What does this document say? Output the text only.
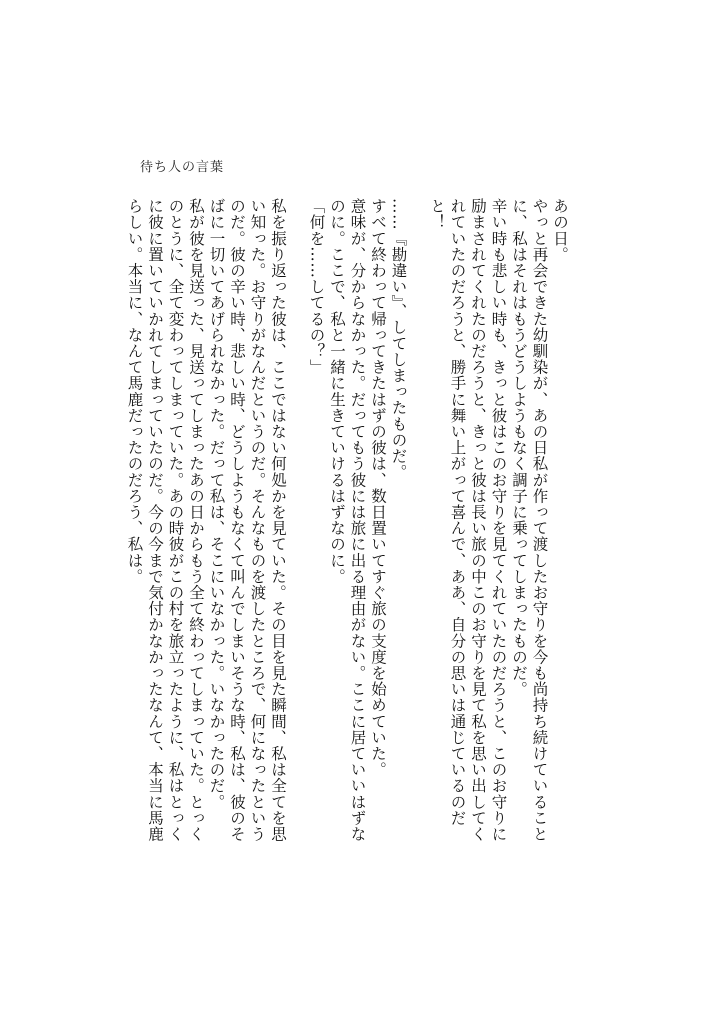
待ち人の言葉

あの日。

やっと再会できた幼馴染が、あの日私が作って渡したお守りを今も尚持ち続けていることに、私はそれはもうどうしようもなく調子に乗ってしまったものだ。

辛い時も悲しい時も、きっと彼はこのお守りを見てくれていたのだろうと、このお守りに励まされてくれたのだろうと、きっと彼は長い旅の中このお守りを見て私を思い出してくれていたのだろうと、勝手に舞い上がって喜んで、ああ、自分の思いは通じているのだと！

……『勘違い』、してしまったものだ。

すべて終わって帰ってきたはずの彼は、数日置いてすぐ旅の支度を始めていた。

意味が、分からなかった。だってもう彼には旅に出る理由がない。ここに居ていいはずなのに。ここで、私と一緒に生きていけるはずなのに。

「何を……してるの？」

私を振り返った彼は、ここではない何処かを見ていた。その目を見た瞬間、私は全てを思い知った。お守りがなんだというのだ。そんなものを渡したところで、何になったというのだ。彼の辛い時、悲しい時、どうしようもなくて叫んでしまいそうな時、私は、彼のそばに一切いてあげられなかった。だって私は、そこにいなかった。いなかったのだ。

私が彼を見送った、見送ってしまったあの日からもう全て終わってしまっていた。とっくのとうに、全て変わってしまっていた。あの時彼がこの村を旅立ったように、私はとっくに彼に置いていかれてしまっていたのだ。今の今まで気付かなかったなんて、本当に馬鹿らしい。本当に、なんて馬鹿だったのだろう、私は。
